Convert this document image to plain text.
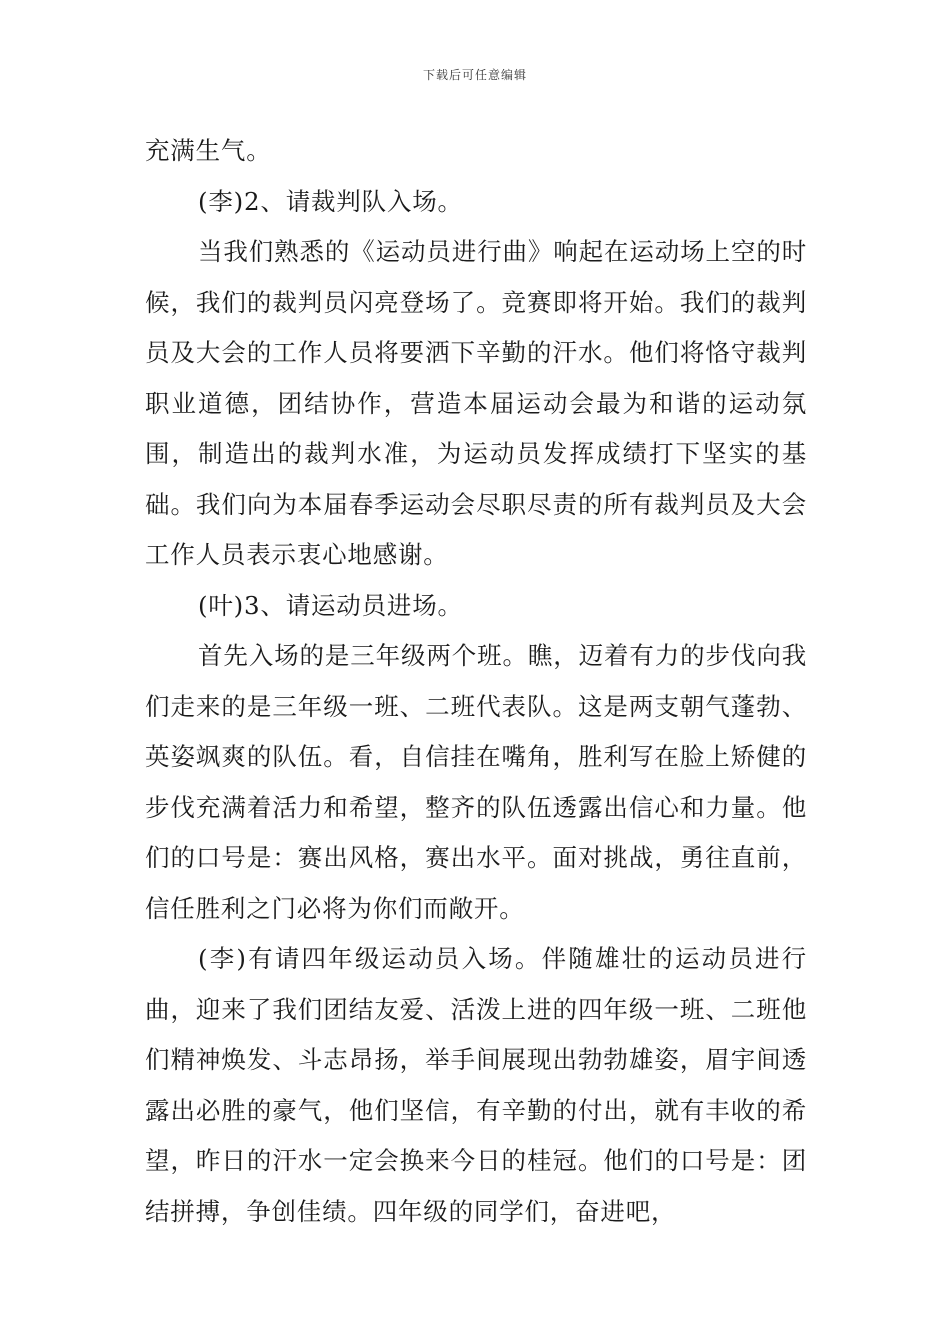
下载后可任意编辑

充满生气。

(李)2、请裁判队入场。

当我们熟悉的《运动员进行曲》响起在运动场上空的时候，我们的裁判员闪亮登场了。竞赛即将开始。我们的裁判员及大会的工作人员将要洒下辛勤的汗水。他们将恪守裁判职业道德，团结协作，营造本届运动会最为和谐的运动氛围，制造出的裁判水准，为运动员发挥成绩打下坚实的基础。我们向为本届春季运动会尽职尽责的所有裁判员及大会工作人员表示衷心地感谢。

(叶)3、请运动员进场。

首先入场的是三年级两个班。瞧，迈着有力的步伐向我们走来的是三年级一班、二班代表队。这是两支朝气蓬勃、英姿飒爽的队伍。看，自信挂在嘴角，胜利写在脸上矫健的步伐充满着活力和希望，整齐的队伍透露出信心和力量。他们的口号是：赛出风格，赛出水平。面对挑战，勇往直前，信任胜利之门必将为你们而敞开。

(李)有请四年级运动员入场。伴随雄壮的运动员进行曲，迎来了我们团结友爱、活泼上进的四年级一班、二班他们精神焕发、斗志昂扬，举手间展现出勃勃雄姿，眉宇间透露出必胜的豪气，他们坚信，有辛勤的付出，就有丰收的希望，昨日的汗水一定会换来今日的桂冠。他们的口号是：团结拼搏，争创佳绩。四年级的同学们，奋进吧，
